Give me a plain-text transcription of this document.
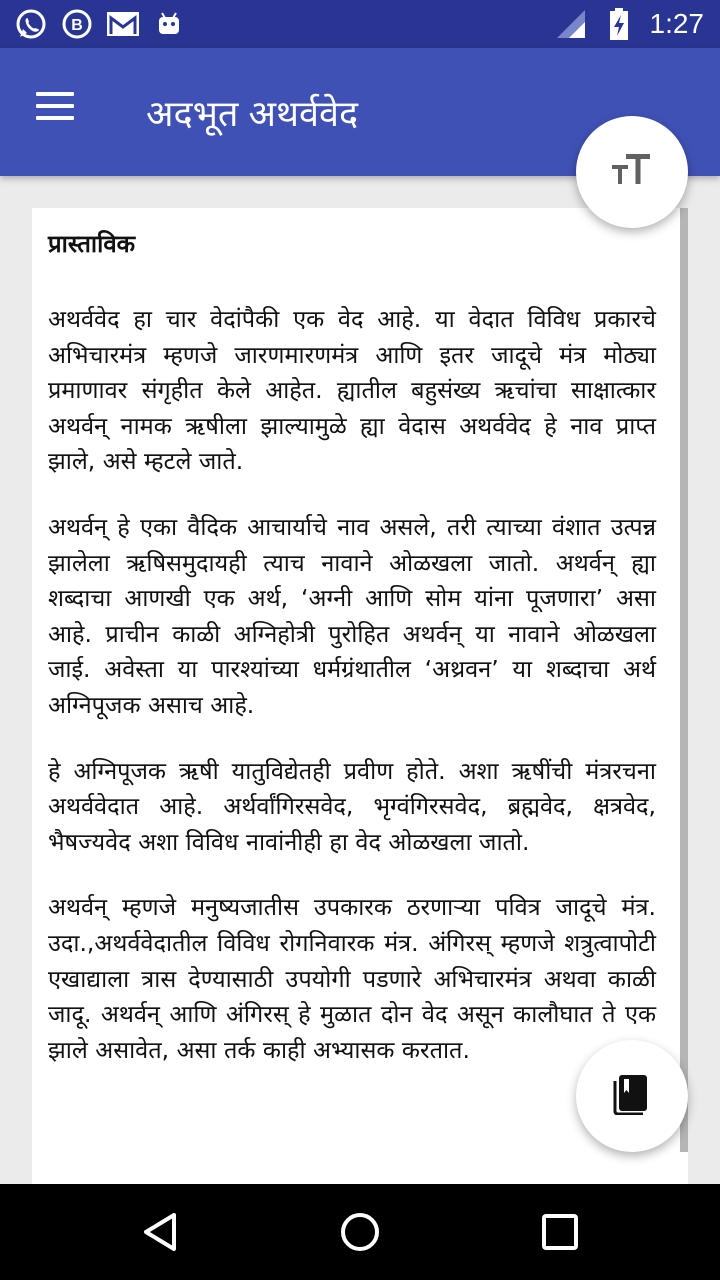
B	1:27
अदभूत अथर्ववेद
प्रास्ताविक

अथर्ववेद हा चार वेदांपैकी एक वेद आहे. या वेदात विविध प्रकारचे अभिचारमंत्र म्हणजे जारणमारणमंत्र आणि इतर जादूचे मंत्र मोठ्या प्रमाणावर संगृहीत केले आहेत. ह्यातील बहुसंख्य ऋचांचा साक्षात्कार अथर्वन् नामक ऋषीला झाल्यामुळे ह्या वेदास अथर्ववेद हे नाव प्राप्त झाले, असे म्हटले जाते.

अथर्वन् हे एका वैदिक आचार्याचे नाव असले, तरी त्याच्या वंशात उत्पन्न झालेला ऋषिसमुदायही त्याच नावाने ओळखला जातो. अथर्वन् ह्या शब्दाचा आणखी एक अर्थ, ‘अग्नी आणि सोम यांना पूजणारा’ असा आहे. प्राचीन काळी अग्निहोत्री पुरोहित अथर्वन् या नावाने ओळखला जाई. अवेस्ता या पारश्यांच्या धर्मग्रंथातील ‘अथ्रवन’ या शब्दाचा अर्थ अग्निपूजक असाच आहे.

हे अग्निपूजक ऋषी यातुविद्येतही प्रवीण होते. अशा ऋषींची मंत्ररचना अथर्ववेदात आहे. अर्थर्वांगिरसवेद, भृग्वंगिरसवेद, ब्रह्मवेद, क्षत्रवेद, भैषज्यवेद अशा विविध नावांनीही हा वेद ओळखला जातो.

अथर्वन् म्हणजे मनुष्यजातीस उपकारक ठरणाऱ्या पवित्र जादूचे मंत्र. उदा.,अथर्ववेदातील विविध रोगनिवारक मंत्र. अंगिरस् म्हणजे शत्रुत्वापोटी एखाद्याला त्रास देण्यासाठी उपयोगी पडणारे अभिचारमंत्र अथवा काळी जादू. अथर्वन् आणि अंगिरस् हे मुळात दोन वेद असून कालौघात ते एक झाले असावेत, असा तर्क काही अभ्यासक करतात.
